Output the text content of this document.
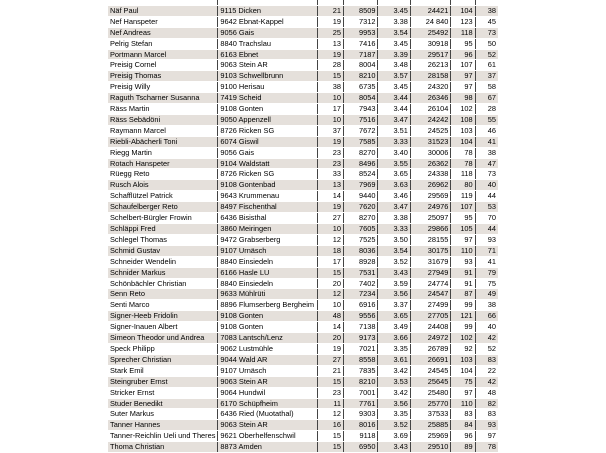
Näf Paul	9115 Dicken	21	8509	3.45	24421	104	38
Nef Hanspeter	9642 Ebnat-Kappel	19	7312	3.38	24 840	123	45
Nef Andreas	9056 Gais	25	9953	3.54	25492	118	73
Pelrig Stefan	8840 Trachslau	13	7416	3.45	30918	95	50
Portmann Marcel	6163 Ebnet	19	7187	3.39	29517	96	52
Preisig Cornel	9063 Stein AR	28	8004	3.48	26213	107	61
Preisig Thomas	9103 Schwellbrunn	15	8210	3.57	28158	97	37
Preisig Willy	9100 Herisau	38	6735	3.45	24320	97	58
Raguth Tscharner Susanna	7419 Scheid	10	8054	3.44	26346	98	67
Räss Martin	9108 Gonten	17	7943	3.44	26104	102	28
Räss Sebädöni	9050 Appenzell	10	7516	3.47	24242	108	55
Raymann Marcel	8726 Ricken SG	37	7672	3.51	24525	103	46
Riebli-Abächerli Toni	6074 Giswil	19	7585	3.33	31523	104	41
Riegg Martin	9056 Gais	23	8270	3.40	30006	78	38
Rotach Hanspeter	9104 Waldstatt	23	8496	3.55	26362	78	47
Rüegg Reto	8726 Ricken SG	33	8524	3.65	24338	118	73
Rusch Alois	9108 Gontenbad	13	7969	3.63	26962	80	40
Schafflützel Patrick	9643 Krummenau	14	9440	3.46	29569	119	44
Schaufelberger Reto	8497 Fischenthal	19	7620	3.47	24976	107	53
Schelbert-Bürgler Frowin	6436 Bisisthal	27	8270	3.38	25097	95	70
Schläppi Fred	3860 Meiringen	10	7605	3.33	29866	105	44
Schlegel Thomas	9472 Grabserberg	12	7525	3.50	28155	97	93
Schmid Gustav	9107 Urnäsch	18	8036	3.54	30175	110	71
Schneider Wendelin	8840 Einsiedeln	17	8928	3.52	31679	93	41
Schnider Markus	6166 Hasle LU	15	7531	3.43	27949	91	79
Schönbächler Christian	8840 Einsiedeln	20	7402	3.59	24774	91	75
Senn Reto	9633 Mühlrüti	12	7234	3.56	24547	87	49
Senti Marco	8896 Flumserberg Bergheim	10	6916	3.37	27499	99	38
Signer-Heeb Fridolin	9108 Gonten	48	9556	3.65	27705	121	66
Signer-Inauen Albert	9108 Gonten	14	7138	3.49	24408	99	40
Simeon Theodor und Andrea	7083 Lantsch/Lenz	20	9173	3.66	24972	102	42
Speck Philipp	9062 Lustmühle	19	7021	3.35	26789	92	52
Sprecher Christian	9044 Wald AR	27	8558	3.61	26691	103	83
Stark Emil	9107 Urnäsch	21	7835	3.42	24545	104	22
Steingruber Ernst	9063 Stein AR	15	8210	3.53	25645	75	42
Stricker Ernst	9064 Hundwil	23	7001	3.42	25480	97	48
Studer Benedikt	6170 Schüpfheim	11	7761	3.56	25770	110	82
Suter Markus	6436 Ried (Muotathal)	12	9303	3.35	37533	83	83
Tanner Hannes	9063 Stein AR	16	8016	3.52	25885	84	93
Tanner-Reichlin Ueli und Theres	9621 Oberhelfenschwil	15	9118	3.69	25969	96	97
Thoma Christian	8873 Amden	15	6950	3.43	29510	89	78
